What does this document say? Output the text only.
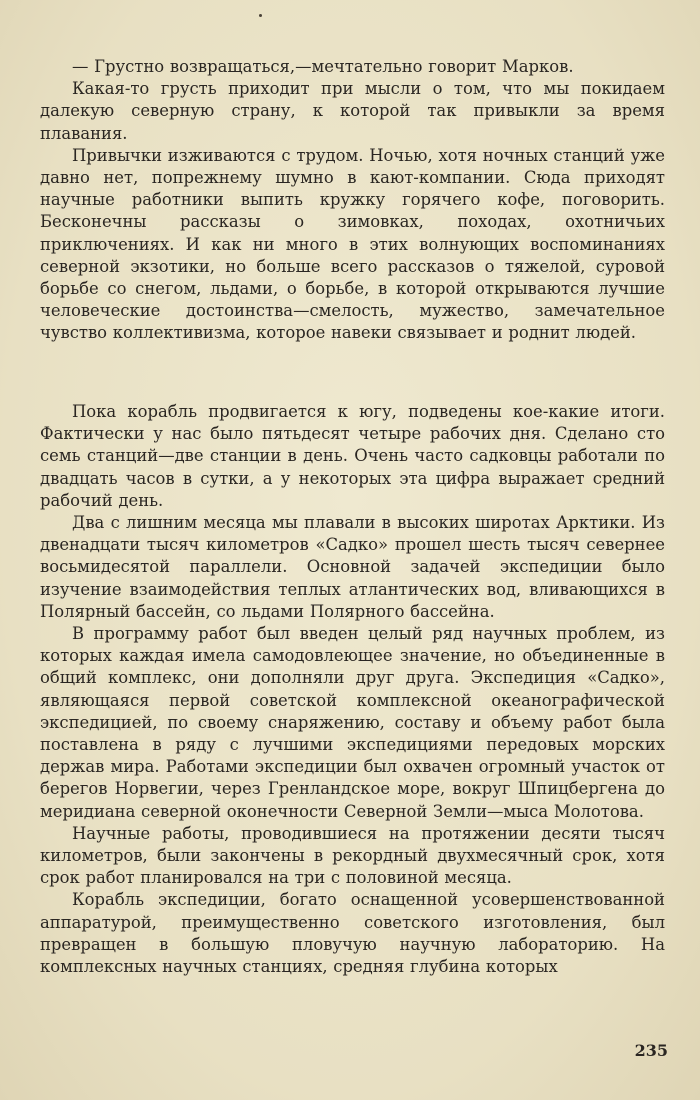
— Грустно возвращаться,—мечтательно говорит Марков.

Какая-то грусть приходит при мысли о том, что мы покидаем далекую северную страну, к которой так привыкли за время плавания.

Привычки изживаются с трудом. Ночью, хотя ночных станций уже давно нет, попрежнему шумно в кают-компании. Сюда приходят научные работники выпить кружку горячего кофе, поговорить. Бесконечны рассказы о зимовках, походах, охотничьих приключениях. И как ни много в этих волнующих воспоминаниях северной экзотики, но больше всего рассказов о тяжелой, суровой борьбе со снегом, льдами, о борьбе, в которой открываются лучшие человеческие достоинства—смелость, мужество, замечательное чувство коллективизма, которое навеки связывает и роднит людей.

Пока корабль продвигается к югу, подведены кое-какие итоги. Фактически у нас было пятьдесят четыре рабочих дня. Сделано сто семь станций—две станции в день. Очень часто садковцы работали по двадцать часов в сутки, а у некоторых эта цифра выражает средний рабочий день.

Два с лишним месяца мы плавали в высоких широтах Арктики. Из двенадцати тысяч километров «Садко» прошел шесть тысяч севернее восьмидесятой параллели. Основной задачей экспедиции было изучение взаимодействия теплых атлантических вод, вливающихся в Полярный бассейн, со льдами Полярного бассейна.

В программу работ был введен целый ряд научных проблем, из которых каждая имела самодовлеющее значение, но объединенные в общий комплекс, они дополняли друг друга. Экспедиция «Садко», являющаяся первой советской комплексной океанографической экспедицией, по своему снаряжению, составу и объему работ была поставлена в ряду с лучшими экспедициями передовых морских держав мира. Работами экспедиции был охвачен огромный участок от берегов Норвегии, через Гренландское море, вокруг Шпицбергена до меридиана северной оконечности Северной Земли—мыса Молотова.

Научные работы, проводившиеся на протяжении десяти тысяч километров, были закончены в рекордный двухмесячный срок, хотя срок работ планировался на три с половиной месяца.

Корабль экспедиции, богато оснащенной усовершенствованной аппаратурой, преимущественно советского изготовления, был превращен в большую пловучую научную лабораторию. На комплексных научных станциях, средняя глубина которых

235
